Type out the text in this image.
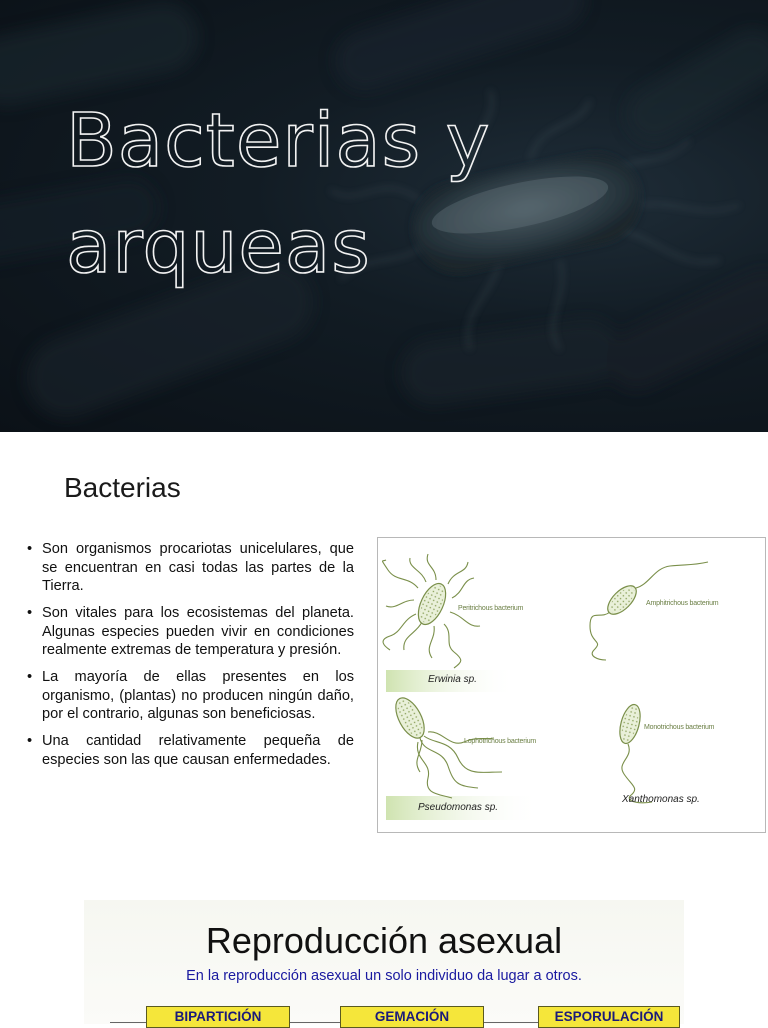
Bacterias y
arqueas
Bacterias
• Son organismos procariotas unicelulares, que se encuentran en casi todas las partes de la Tierra.
• Son vitales para los ecosistemas del planeta. Algunas especies pueden vivir en condiciones realmente extremas de temperatura y presión.
• La mayoría de ellas presentes en los organismo, (plantas) no producen ningún daño, por el contrario, algunas son beneficiosas.
• Una cantidad relativamente pequeña de especies son las que causan enfermedades.
Peritrichous bacterium
Amphitrichous bacterium
Lophotrichous bacterium
Monotrichous bacterium
Erwinia sp.
Pseudomonas sp.
Xanthomonas sp.
Reproducción asexual

En la reproducción asexual un solo individuo da lugar a otros.

BIPARTICIÓN	GEMACIÓN	ESPORULACIÓN
